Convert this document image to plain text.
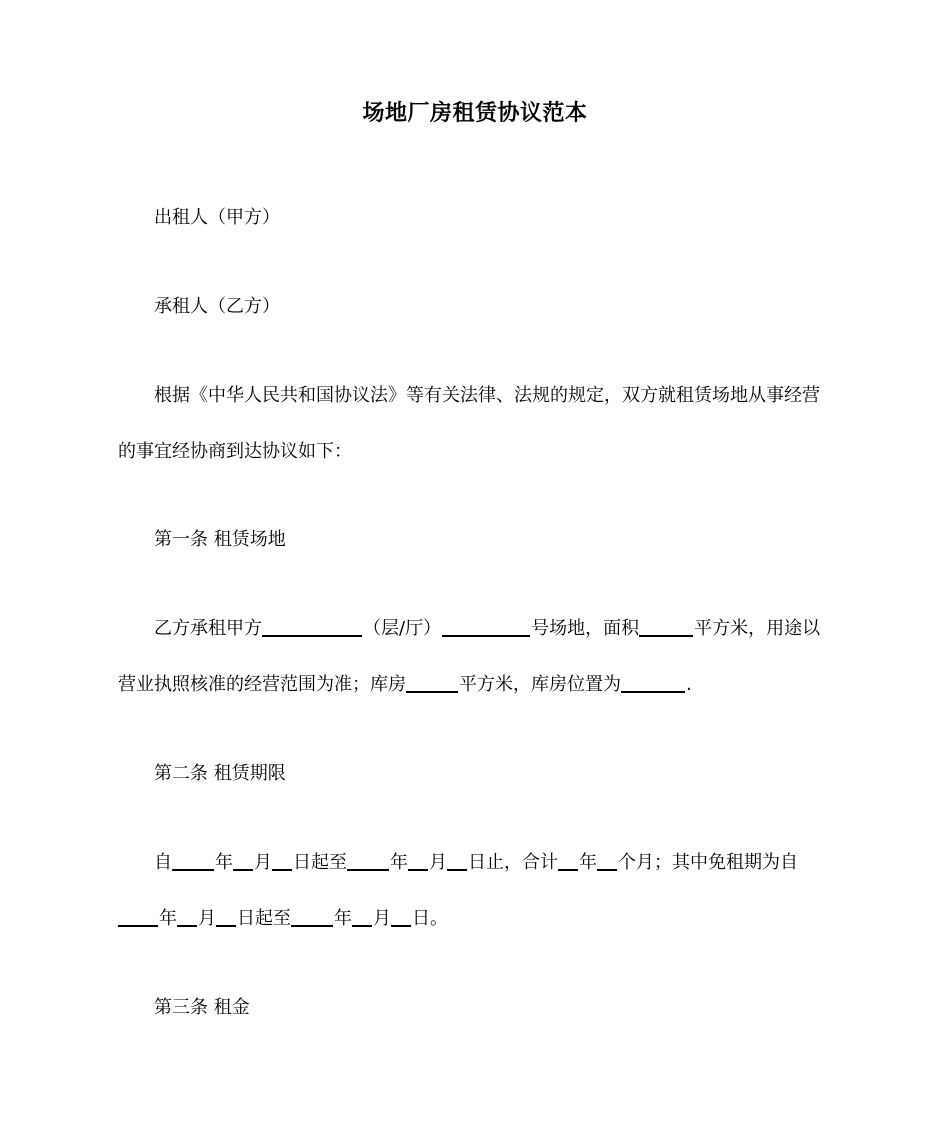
场地厂房租赁协议范本

出租人（甲方）

承租人（乙方）

根据《中华人民共和国协议法》等有关法律、法规的规定，双方就租赁场地从事经营的事宜经协商到达协议如下：

第一条 租赁场地

乙方承租甲方	（层/厅）	号场地，面积	平方米，用途以营业执照核准的经营范围为准；库房	平方米，库房位置为	.

第二条 租赁期限

自 年 月 日起至 年 月 日止，合计 年 个月；其中免租期为自年 月 日起至 年 月 日。

第三条 租金
